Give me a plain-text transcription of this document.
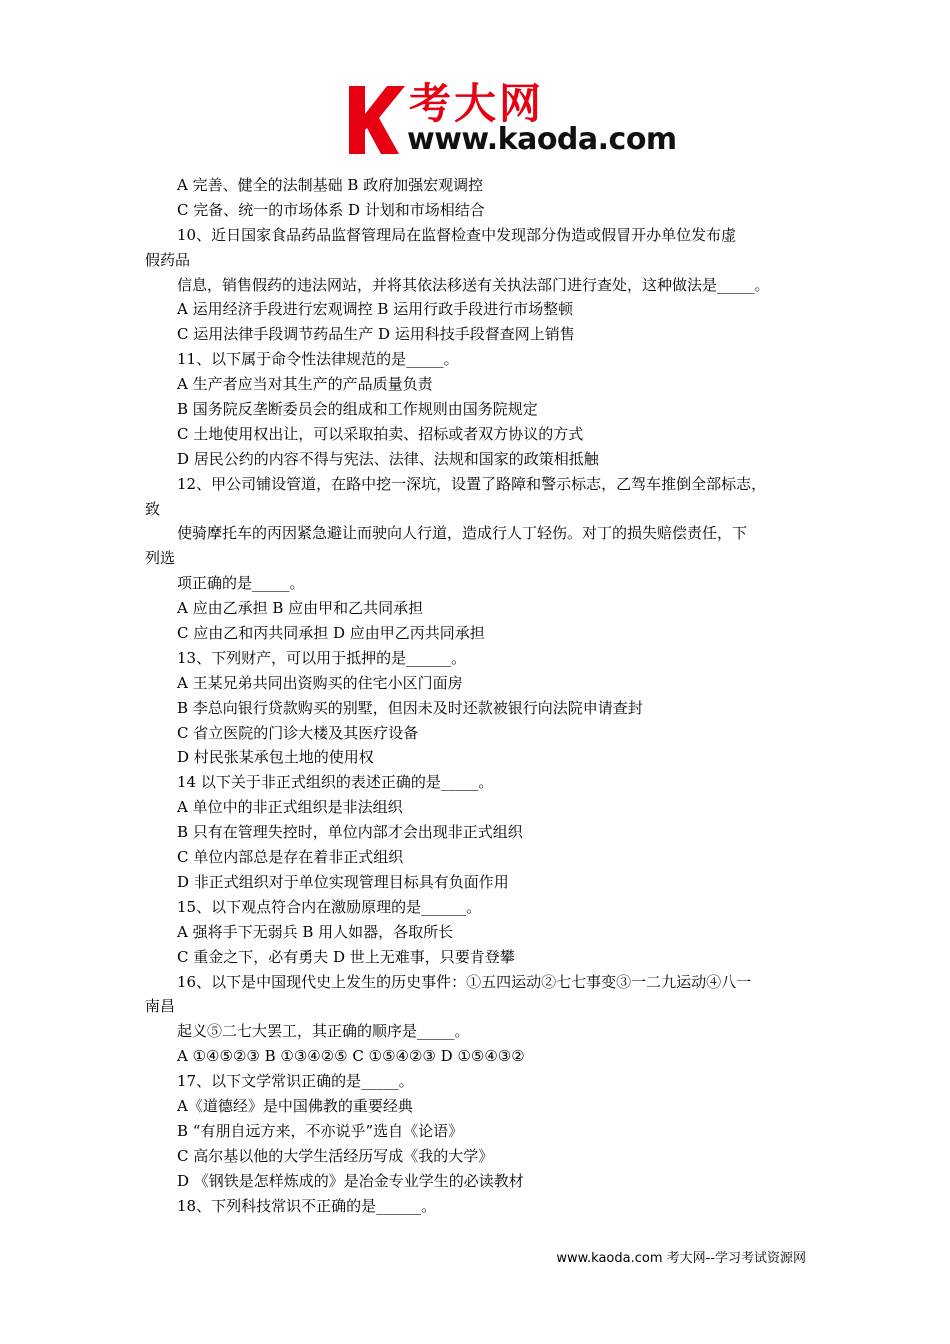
考大网
www.kaoda.com
A 完善、健全的法制基础 B 政府加强宏观调控
C 完备、统一的市场体系 D 计划和市场相结合
10、近日国家食品药品监督管理局在监督检查中发现部分伪造或假冒开办单位发布虚
假药品
信息，销售假药的违法网站，并将其依法移送有关执法部门进行查处，这种做法是_____。
A 运用经济手段进行宏观调控 B 运用行政手段进行市场整顿
C 运用法律手段调节药品生产 D 运用科技手段督查网上销售
11、以下属于命令性法律规范的是_____。
A 生产者应当对其生产的产品质量负责
B 国务院反垄断委员会的组成和工作规则由国务院规定
C 土地使用权出让，可以采取拍卖、招标或者双方协议的方式
D 居民公约的内容不得与宪法、法律、法规和国家的政策相抵触
12、甲公司铺设管道，在路中挖一深坑，设置了路障和警示标志，乙驾车推倒全部标志，
致
使骑摩托车的丙因紧急避让而驶向人行道，造成行人丁轻伤。对丁的损失赔偿责任，下
列选
项正确的是_____。
A 应由乙承担 B 应由甲和乙共同承担
C 应由乙和丙共同承担 D 应由甲乙丙共同承担
13、下列财产，可以用于抵押的是______。
A 王某兄弟共同出资购买的住宅小区门面房
B 李总向银行贷款购买的别墅，但因未及时还款被银行向法院申请查封
C 省立医院的门诊大楼及其医疗设备
D 村民张某承包土地的使用权
14 以下关于非正式组织的表述正确的是_____。
A 单位中的非正式组织是非法组织
B 只有在管理失控时，单位内部才会出现非正式组织
C 单位内部总是存在着非正式组织
D 非正式组织对于单位实现管理目标具有负面作用
15、以下观点符合内在激励原理的是______。
A 强将手下无弱兵 B 用人如器，各取所长
C 重金之下，必有勇夫 D 世上无难事，只要肯登攀
16、以下是中国现代史上发生的历史事件：①五四运动②七七事变③一二九运动④八一
南昌
起义⑤二七大罢工，其正确的顺序是_____。
A ①④⑤②③ B ①③④②⑤ C ①⑤④②③ D ①⑤④③②
17、以下文学常识正确的是_____。
A《道德经》是中国佛教的重要经典
B “有朋自远方来，不亦说乎”选自《论语》
C 高尔基以他的大学生活经历写成《我的大学》
D 《钢铁是怎样炼成的》是冶金专业学生的必读教材
18、下列科技常识不正确的是______。
www.kaoda.com 考大网--学习考试资源网
